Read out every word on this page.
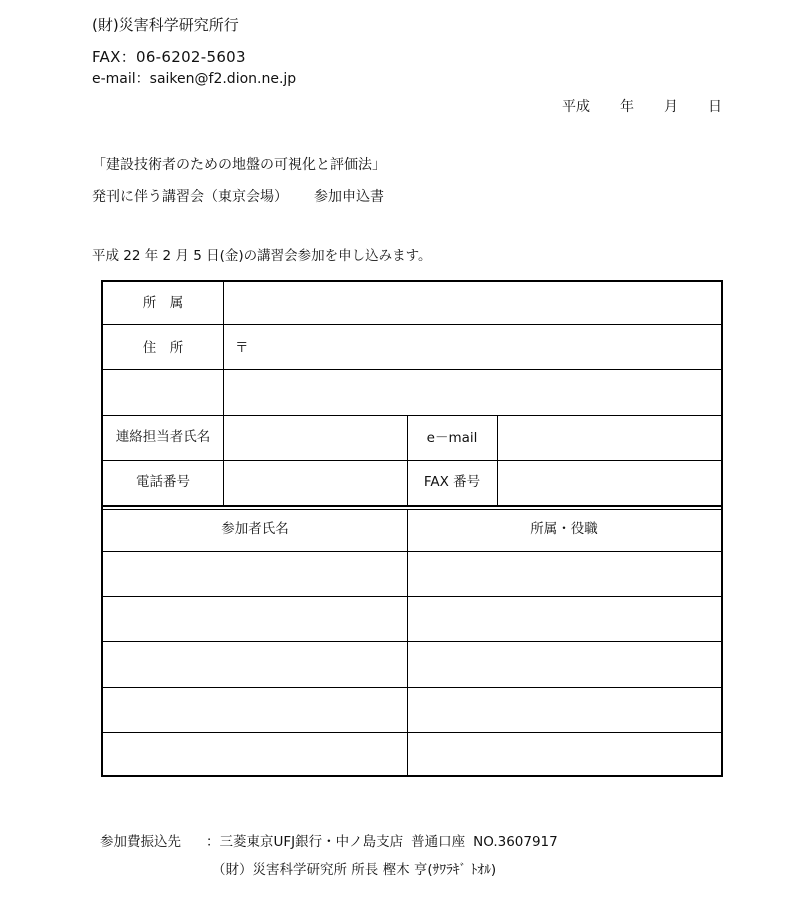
(財)災害科学研究所行
FAX：06-6202-5603
e-mail：saiken@f2.dion.ne.jp
平成 年 月 日
「建設技術者のための地盤の可視化と評価法」
発刊に伴う講習会（東京会場） 参加申込書
平成 22 年 2 月 5 日(金)の講習会参加を申し込みます。
所　属
住　所	〒
連絡担当者氏名	e－mail
電話番号	FAX 番号
参加者氏名	所属・役職
参加費振込先 ：三菱東京UFJ銀行・中ノ島支店 普通口座 NO.3607917
（財）災害科学研究所 所長 樫木 亨(ｻﾜﾗｷﾞ ﾄｵﾙ)
